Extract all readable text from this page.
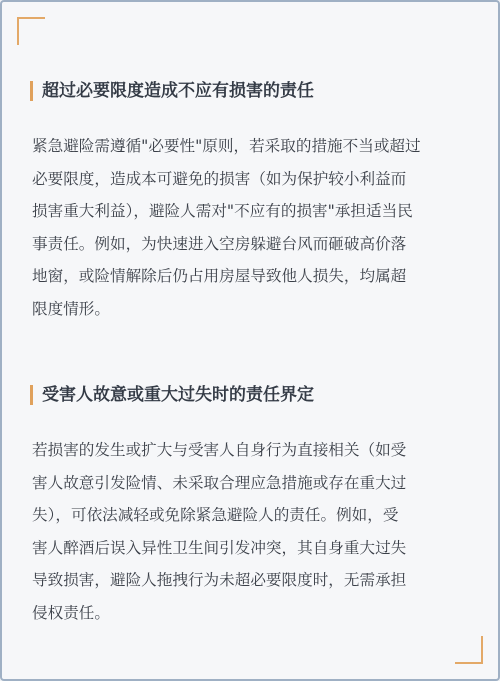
超过必要限度造成不应有损害的责任
紧急避险需遵循"必要性"原则，若采取的措施不当或超过
必要限度，造成本可避免的损害（如为保护较小利益而
损害重大利益），避险人需对"不应有的损害"承担适当民
事责任。例如，为快速进入空房躲避台风而砸破高价落
地窗，或险情解除后仍占用房屋导致他人损失，均属超
限度情形。
受害人故意或重大过失时的责任界定
若损害的发生或扩大与受害人自身行为直接相关（如受
害人故意引发险情、未采取合理应急措施或存在重大过
失），可依法减轻或免除紧急避险人的责任。例如，受
害人醉酒后误入异性卫生间引发冲突，其自身重大过失
导致损害，避险人拖拽行为未超必要限度时，无需承担
侵权责任。
